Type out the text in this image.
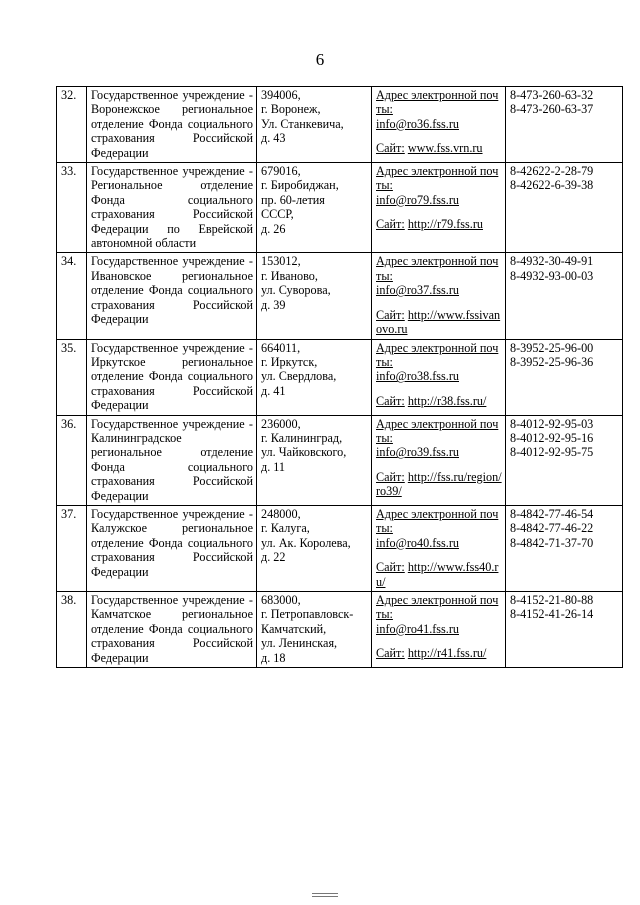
6
32.	Государственное учреждение - Воронежское региональное отделение Фонда социального страхования Российской Федерации	394006,
г. Воронеж,
Ул. Станкевича,
д. 43	Адрес электронной почты:
info@ro36.fss.ru
Сайт: www.fss.vrn.ru	8-473-260-63-32
8-473-260-63-37

33.	Государственное учреждение - Региональное отделение Фонда социального страхования Российской Федерации по Еврейской автономной области	679016,
г. Биробиджан,
пр. 60-летия
СССР,
д. 26	Адрес электронной почты:
info@ro79.fss.ru
Сайт: http://r79.fss.ru	8-42622-2-28-79
8-42622-6-39-38

34.	Государственное учреждение - Ивановское региональное отделение Фонда социального страхования Российской Федерации	153012,
г. Иваново,
ул. Суворова,
д. 39	Адрес электронной почты:
info@ro37.fss.ru
Сайт: http://www.fssivanovo.ru	8-4932-30-49-91
8-4932-93-00-03

35.	Государственное учреждение - Иркутское региональное отделение Фонда социального страхования Российской Федерации	664011,
г. Иркутск,
ул. Свердлова,
д. 41	Адрес электронной почты:
info@ro38.fss.ru
Сайт: http://r38.fss.ru/	8-3952-25-96-00
8-3952-25-96-36

36.	Государственное учреждение - Калининградское региональное отделение Фонда социального страхования Российской Федерации	236000,
г. Калининград,
ул. Чайковского,
д. 11	Адрес электронной почты:
info@ro39.fss.ru
Сайт: http://fss.ru/region/ro39/	8-4012-92-95-03
8-4012-92-95-16
8-4012-92-95-75

37.	Государственное учреждение - Калужское региональное отделение Фонда социального страхования Российской Федерации	248000,
г. Калуга,
ул. Ак. Королева,
д. 22	Адрес электронной почты:
info@ro40.fss.ru
Сайт: http://www.fss40.ru/	8-4842-77-46-54
8-4842-77-46-22
8-4842-71-37-70

38.	Государственное учреждение - Камчатское региональное отделение Фонда социального страхования Российской Федерации	683000,
г. Петропавловск-
Камчатский,
ул. Ленинская,
д. 18	Адрес электронной почты:
info@ro41.fss.ru
Сайт: http://r41.fss.ru/	8-4152-21-80-88
8-4152-41-26-14
